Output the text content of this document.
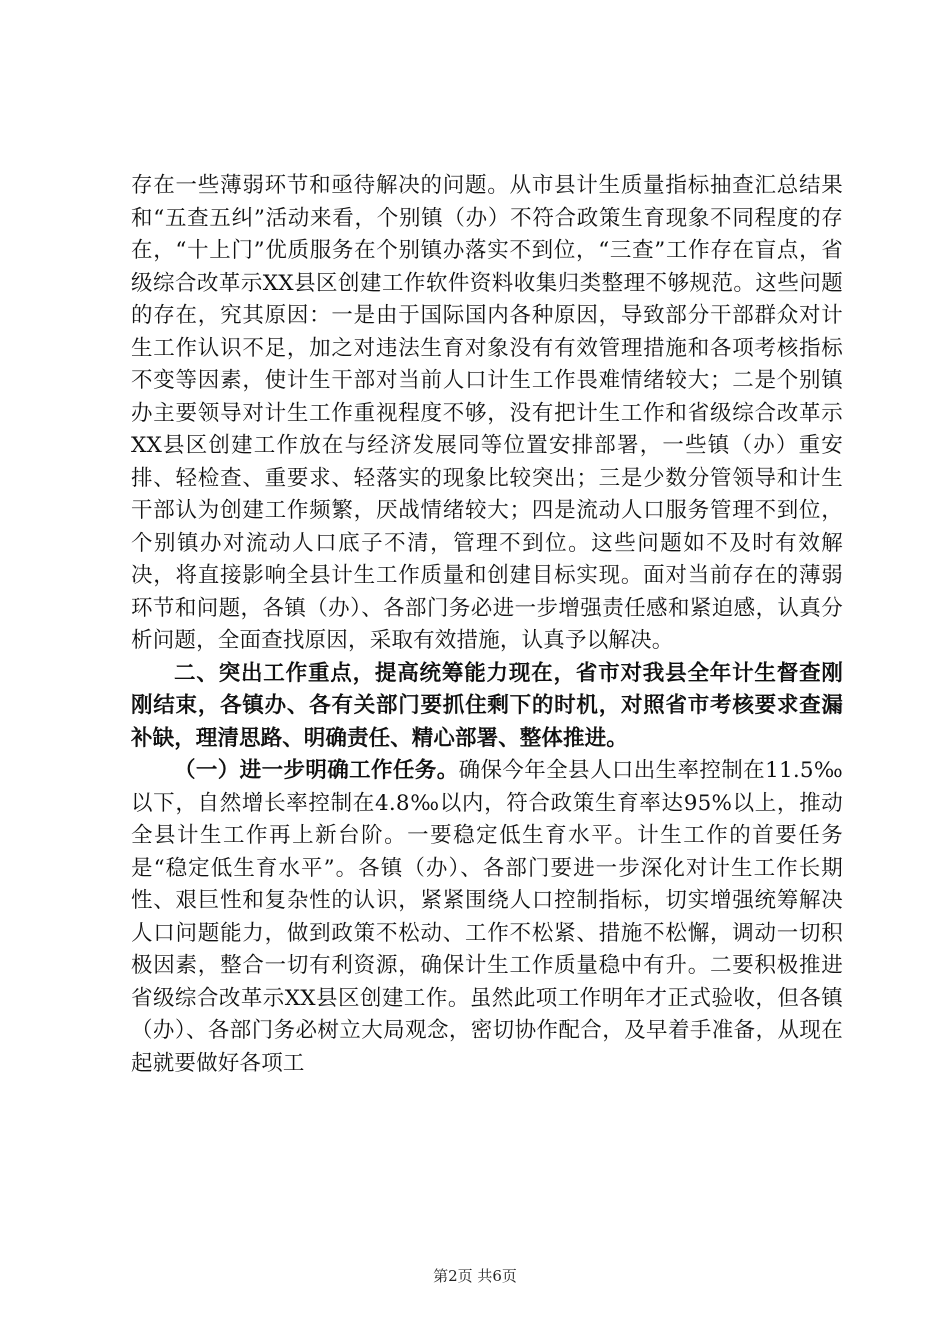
存在一些薄弱环节和亟待解决的问题。从市县计生质量指标抽查汇总结果和“五查五纠”活动来看，个别镇（办）不符合政策生育现象不同程度的存在，“十上门”优质服务在个别镇办落实不到位，“三查”工作存在盲点，省级综合改革示XX县区创建工作软件资料收集归类整理不够规范。这些问题的存在，究其原因：一是由于国际国内各种原因，导致部分干部群众对计生工作认识不足，加之对违法生育对象没有有效管理措施和各项考核指标不变等因素，使计生干部对当前人口计生工作畏难情绪较大；二是个别镇办主要领导对计生工作重视程度不够，没有把计生工作和省级综合改革示XX县区创建工作放在与经济发展同等位置安排部署，一些镇（办）重安排、轻检查、重要求、轻落实的现象比较突出；三是少数分管领导和计生干部认为创建工作频繁，厌战情绪较大；四是流动人口服务管理不到位，个别镇办对流动人口底子不清，管理不到位。这些问题如不及时有效解决，将直接影响全县计生工作质量和创建目标实现。面对当前存在的薄弱环节和问题，各镇（办）、各部门务必进一步增强责任感和紧迫感，认真分析问题，全面查找原因，采取有效措施，认真予以解决。

二、突出工作重点，提高统筹能力现在，省市对我县全年计生督查刚刚结束，各镇办、各有关部门要抓住剩下的时机，对照省市考核要求查漏补缺，理清思路、明确责任、精心部署、整体推进。

（一）进一步明确工作任务。确保今年全县人口出生率控制在11.5‰以下，自然增长率控制在4.8‰以内，符合政策生育率达95%以上，推动全县计生工作再上新台阶。一要稳定低生育水平。计生工作的首要任务是“稳定低生育水平”。各镇（办）、各部门要进一步深化对计生工作长期性、艰巨性和复杂性的认识，紧紧围绕人口控制指标，切实增强统筹解决人口问题能力，做到政策不松动、工作不松紧、措施不松懈，调动一切积极因素，整合一切有利资源，确保计生工作质量稳中有升。二要积极推进省级综合改革示XX县区创建工作。虽然此项工作明年才正式验收，但各镇（办）、各部门务必树立大局观念，密切协作配合，及早着手准备，从现在起就要做好各项工

第2页 共6页
